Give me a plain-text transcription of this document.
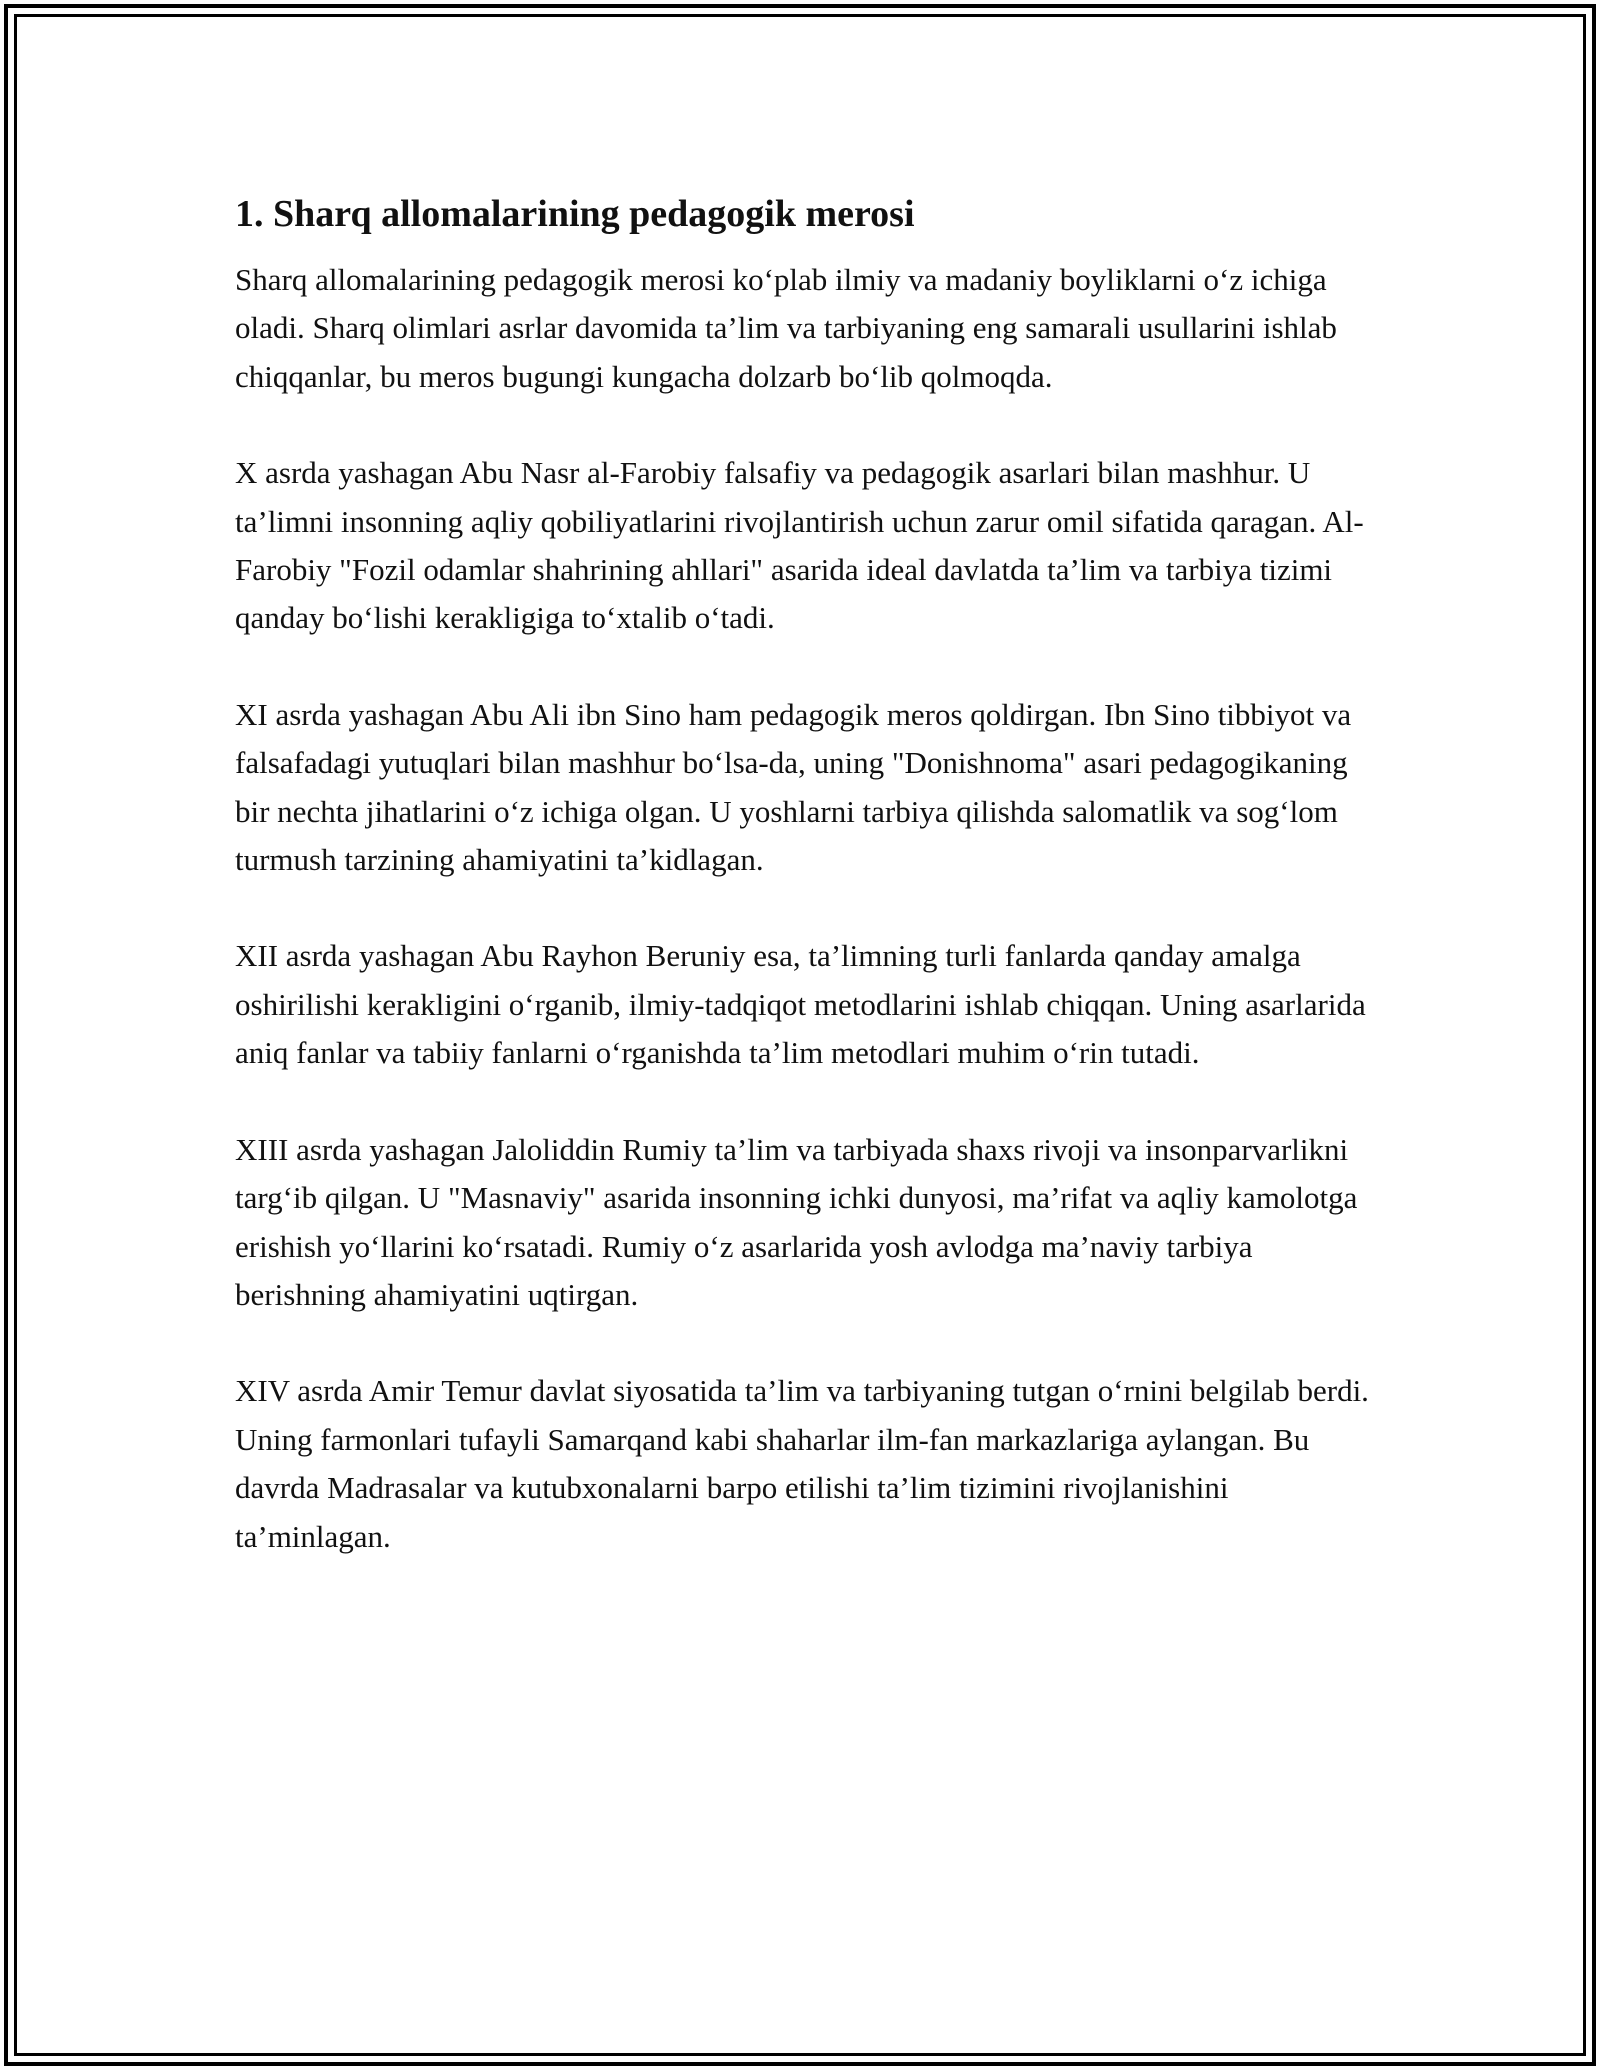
1. Sharq allomalarining pedagogik merosi

Sharq allomalarining pedagogik merosi ko‘plab ilmiy va madaniy boyliklarni o‘z ichiga oladi. Sharq olimlari asrlar davomida ta’lim va tarbiyaning eng samarali usullarini ishlab chiqqanlar, bu meros bugungi kungacha dolzarb bo‘lib qolmoqda.

X asrda yashagan Abu Nasr al-Farobiy falsafiy va pedagogik asarlari bilan mashhur. U ta’limni insonning aqliy qobiliyatlarini rivojlantirish uchun zarur omil sifatida qaragan. Al-Farobiy "Fozil odamlar shahrining ahllari" asarida ideal davlatda ta’lim va tarbiya tizimi qanday bo‘lishi kerakligiga to‘xtalib o‘tadi.

XI asrda yashagan Abu Ali ibn Sino ham pedagogik meros qoldirgan. Ibn Sino tibbiyot va falsafadagi yutuqlari bilan mashhur bo‘lsa-da, uning "Donishnoma" asari pedagogikaning bir nechta jihatlarini o‘z ichiga olgan. U yoshlarni tarbiya qilishda salomatlik va sog‘lom turmush tarzining ahamiyatini ta’kidlagan.

XII asrda yashagan Abu Rayhon Beruniy esa, ta’limning turli fanlarda qanday amalga oshirilishi kerakligini o‘rganib, ilmiy-tadqiqot metodlarini ishlab chiqqan. Uning asarlarida aniq fanlar va tabiiy fanlarni o‘rganishda ta’lim metodlari muhim o‘rin tutadi.

XIII asrda yashagan Jaloliddin Rumiy ta’lim va tarbiyada shaxs rivoji va insonparvarlikni targ‘ib qilgan. U "Masnaviy" asarida insonning ichki dunyosi, ma’rifat va aqliy kamolotga erishish yo‘llarini ko‘rsatadi. Rumiy o‘z asarlarida yosh avlodga ma’naviy tarbiya berishning ahamiyatini uqtirgan.

XIV asrda Amir Temur davlat siyosatida ta’lim va tarbiyaning tutgan o‘rnini belgilab berdi. Uning farmonlari tufayli Samarqand kabi shaharlar ilm-fan markazlariga aylangan. Bu davrda Madrasalar va kutubxonalarni barpo etilishi ta’lim tizimini rivojlanishini ta’minlagan.
